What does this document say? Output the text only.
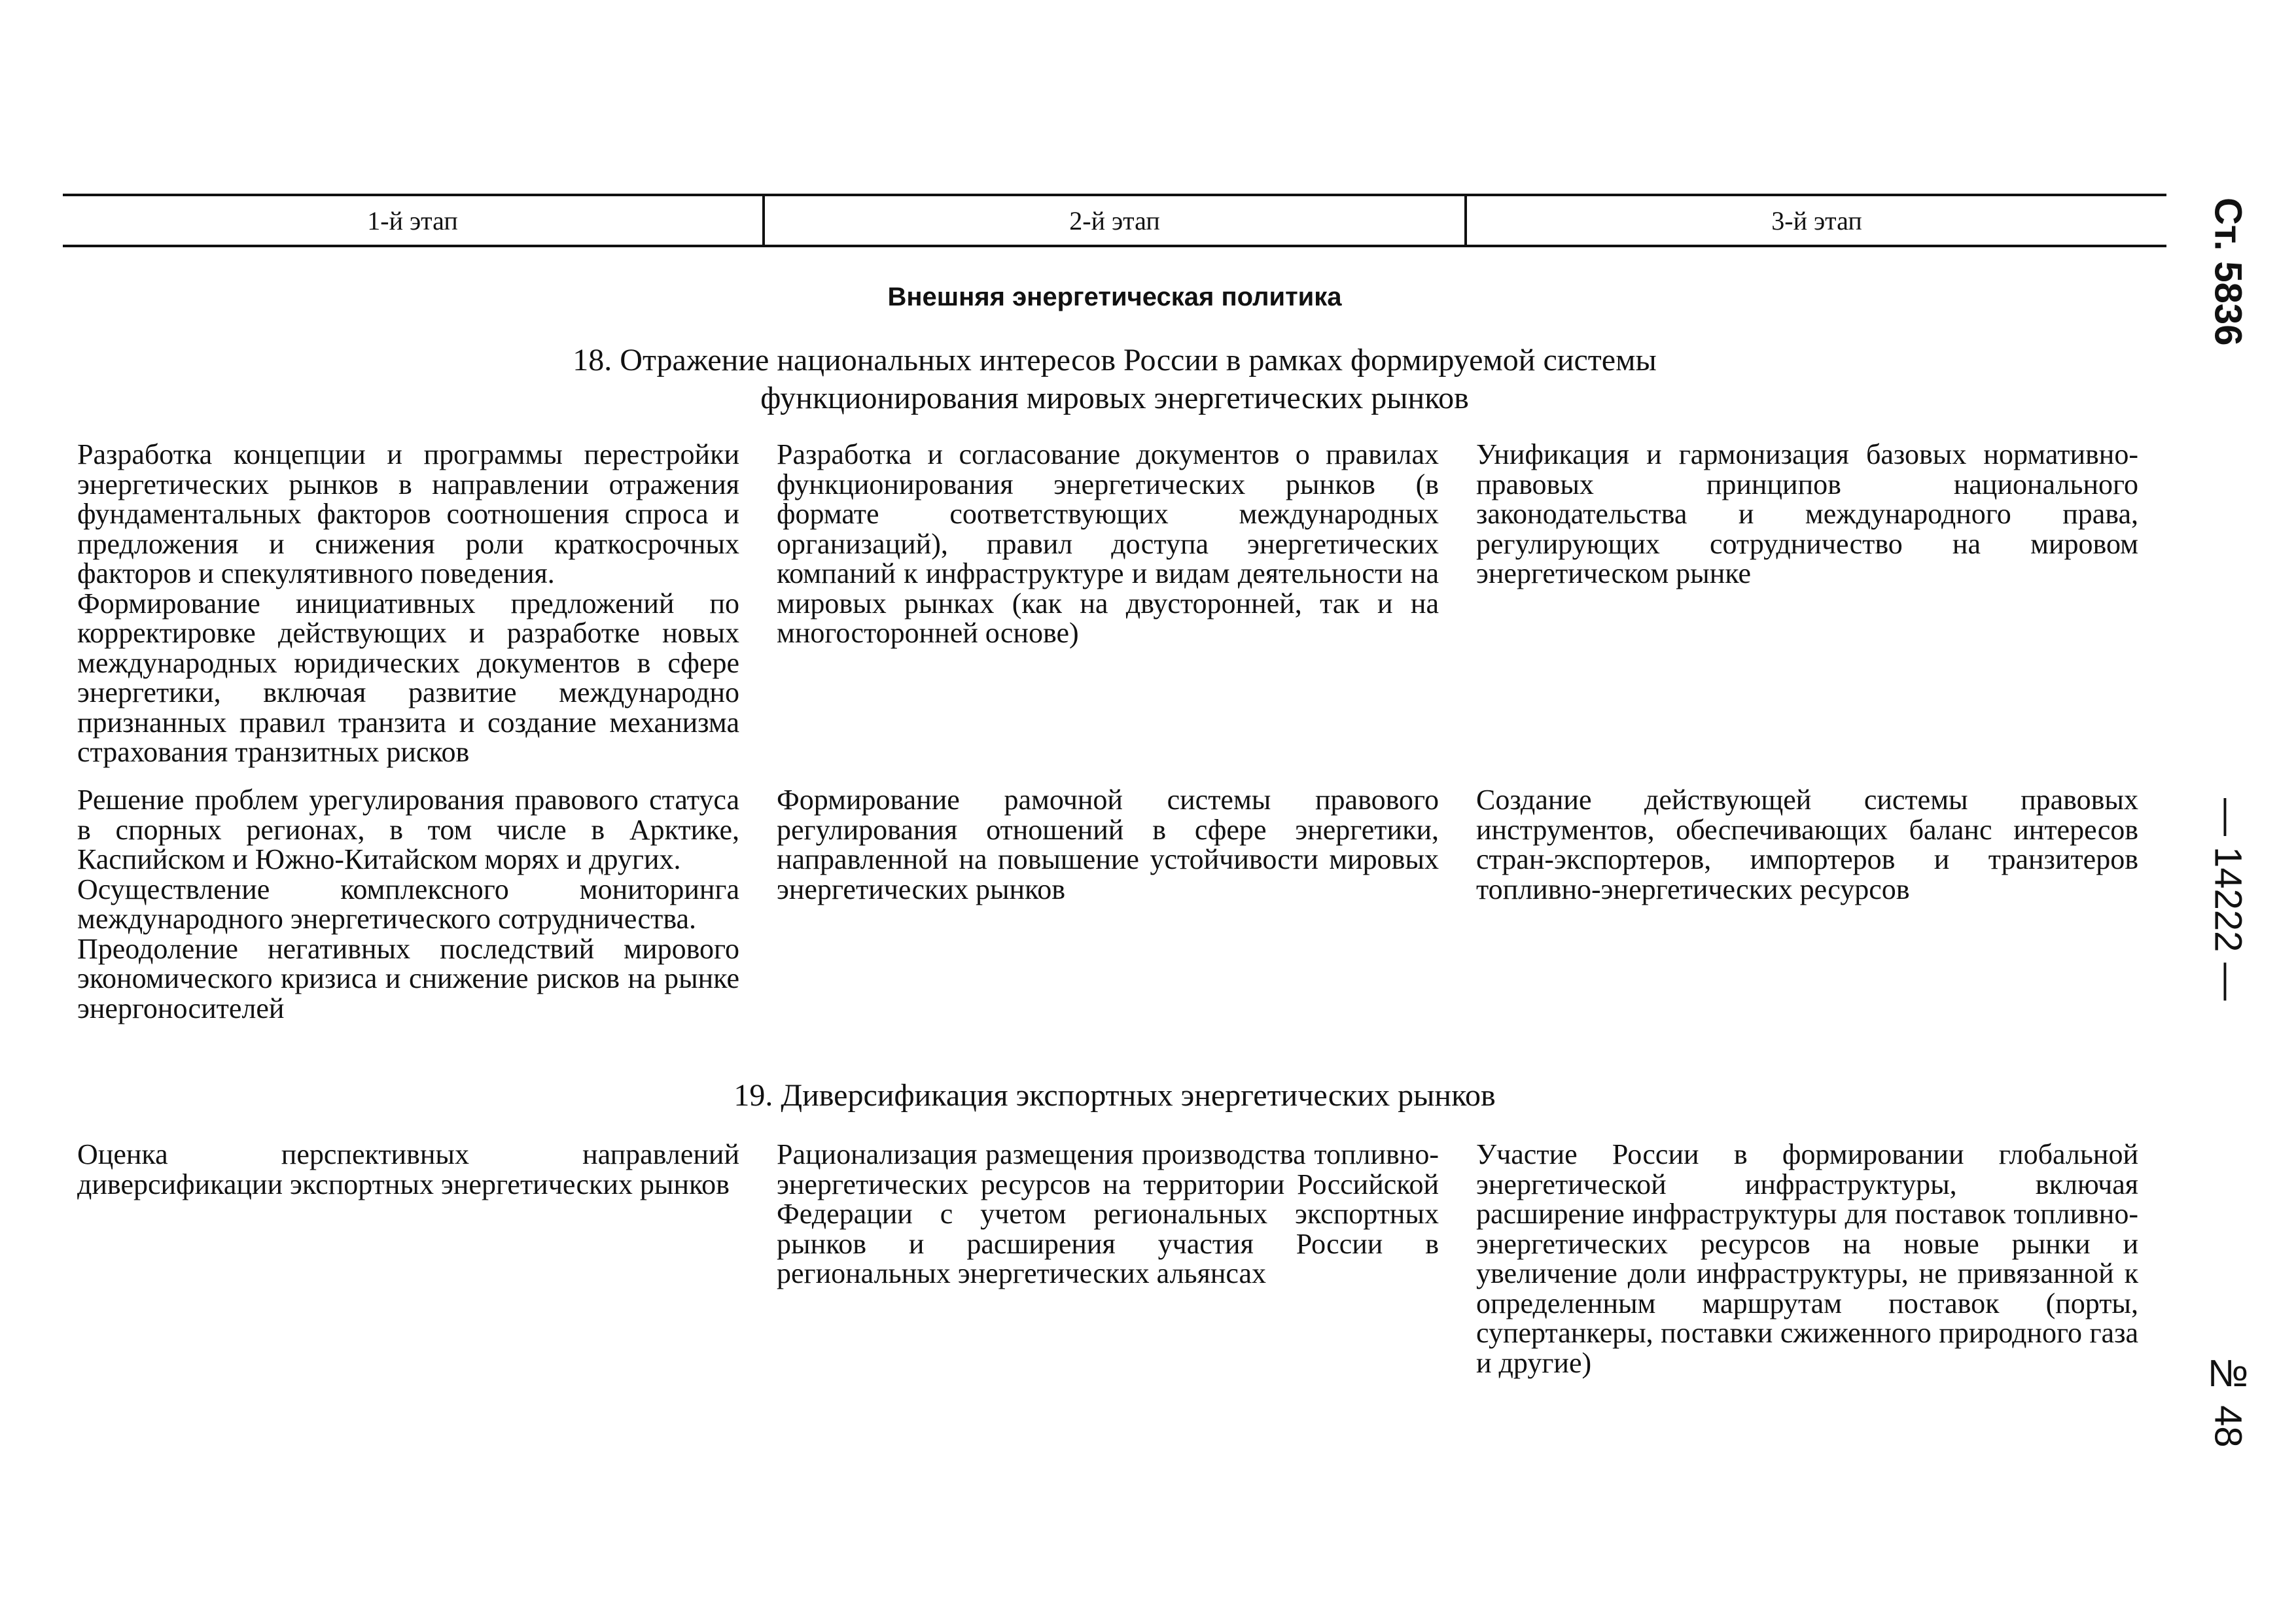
1-й этап	2-й этап	3-й этап
Внешняя энергетическая политика
18. Отражение национальных интересов России в рамках формируемой системы
функционирования мировых энергетических рынков
Разработка концепции и программы перестройки энергетических рынков в направлении отражения фундаментальных факторов соотношения спроса и предложения и снижения роли краткосрочных факторов и спекулятивного поведения.
Формирование инициативных предложений по корректировке действующих и разработке новых международных юридических документов в сфере энергетики, включая развитие международно признанных правил транзита и создание механизма страхования транзитных рисков
Разработка и согласование документов о правилах функционирования энергетических рынков (в формате соответствующих международных организаций), правил доступа энергетических компаний к инфраструктуре и видам деятельности на мировых рынках (как на двусторонней, так и на многосторонней основе)
Унификация и гармонизация базовых нормативно-правовых принципов национального законодательства и международного права, регулирующих сотрудничество на мировом энергетическом рынке
Решение проблем урегулирования правового статуса в спорных регионах, в том числе в Арктике, Каспийском и Южно-Китайском морях и других.
Осуществление комплексного мониторинга международного энергетического сотрудничества.
Преодоление негативных последствий мирового экономического кризиса и снижение рисков на рынке энергоносителей
Формирование рамочной системы правового регулирования отношений в сфере энергетики, направленной на повышение устойчивости мировых энергетических рынков
Создание действующей системы правовых инструментов, обеспечивающих баланс интересов стран-экспортеров, импортеров и транзитеров топливно-энергетических ресурсов
19. Диверсификация экспортных энергетических рынков
Оценка перспективных направлений диверсификации экспортных энергетических рынков
Рационализация размещения производства топливно-энергетических ресурсов на территории Российской Федерации с учетом региональных экспортных рынков и расширения участия России в региональных энергетических альянсах
Участие России в формировании глобальной энергетической инфраструктуры, включая расширение инфраструктуры для поставок топливно-энергетических ресурсов на новые рынки и увеличение доли инфраструктуры, не привязанной к определенным маршрутам поставок (порты, супертанкеры, поставки сжиженного природного газа и другие)
Ст. 5836
— 14222 —
№ 48
